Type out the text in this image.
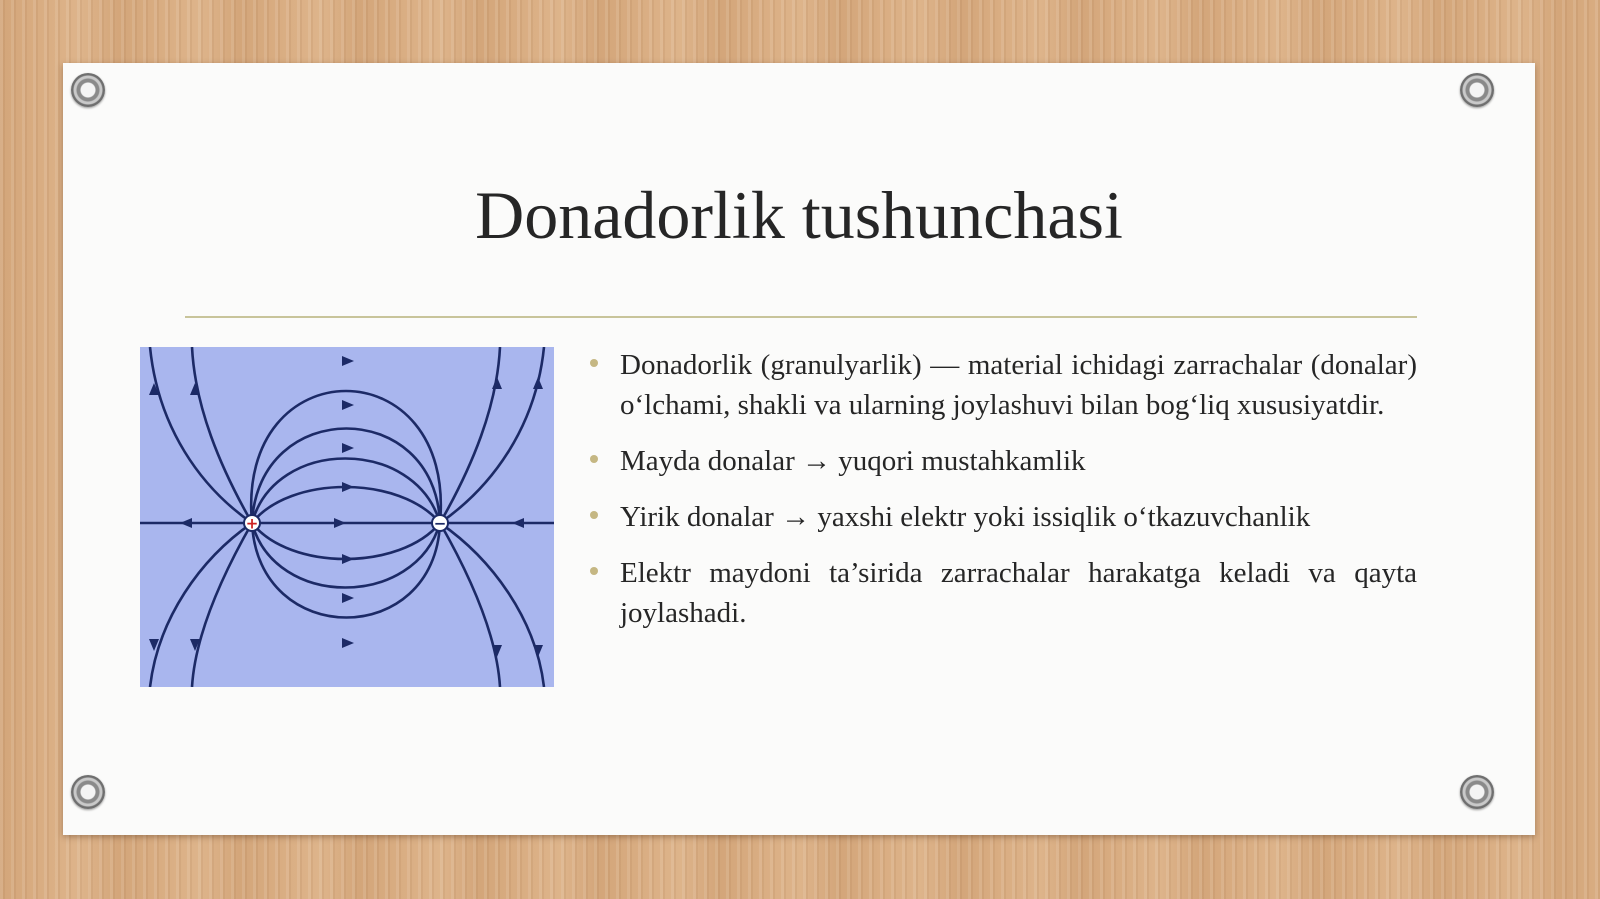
Donadorlik tushunchasi
+	−
Donadorlik (granulyarlik) — material ichidagi zarrachalar (donalar) o‘lchami, shakli va ularning joylashuvi bilan bog‘liq xususiyatdir.
Mayda donalar → yuqori mustahkamlik
Yirik donalar → yaxshi elektr yoki issiqlik o‘tkazuvchanlik
Elektr maydoni ta’sirida zarrachalar harakatga keladi va qayta joylashadi.
